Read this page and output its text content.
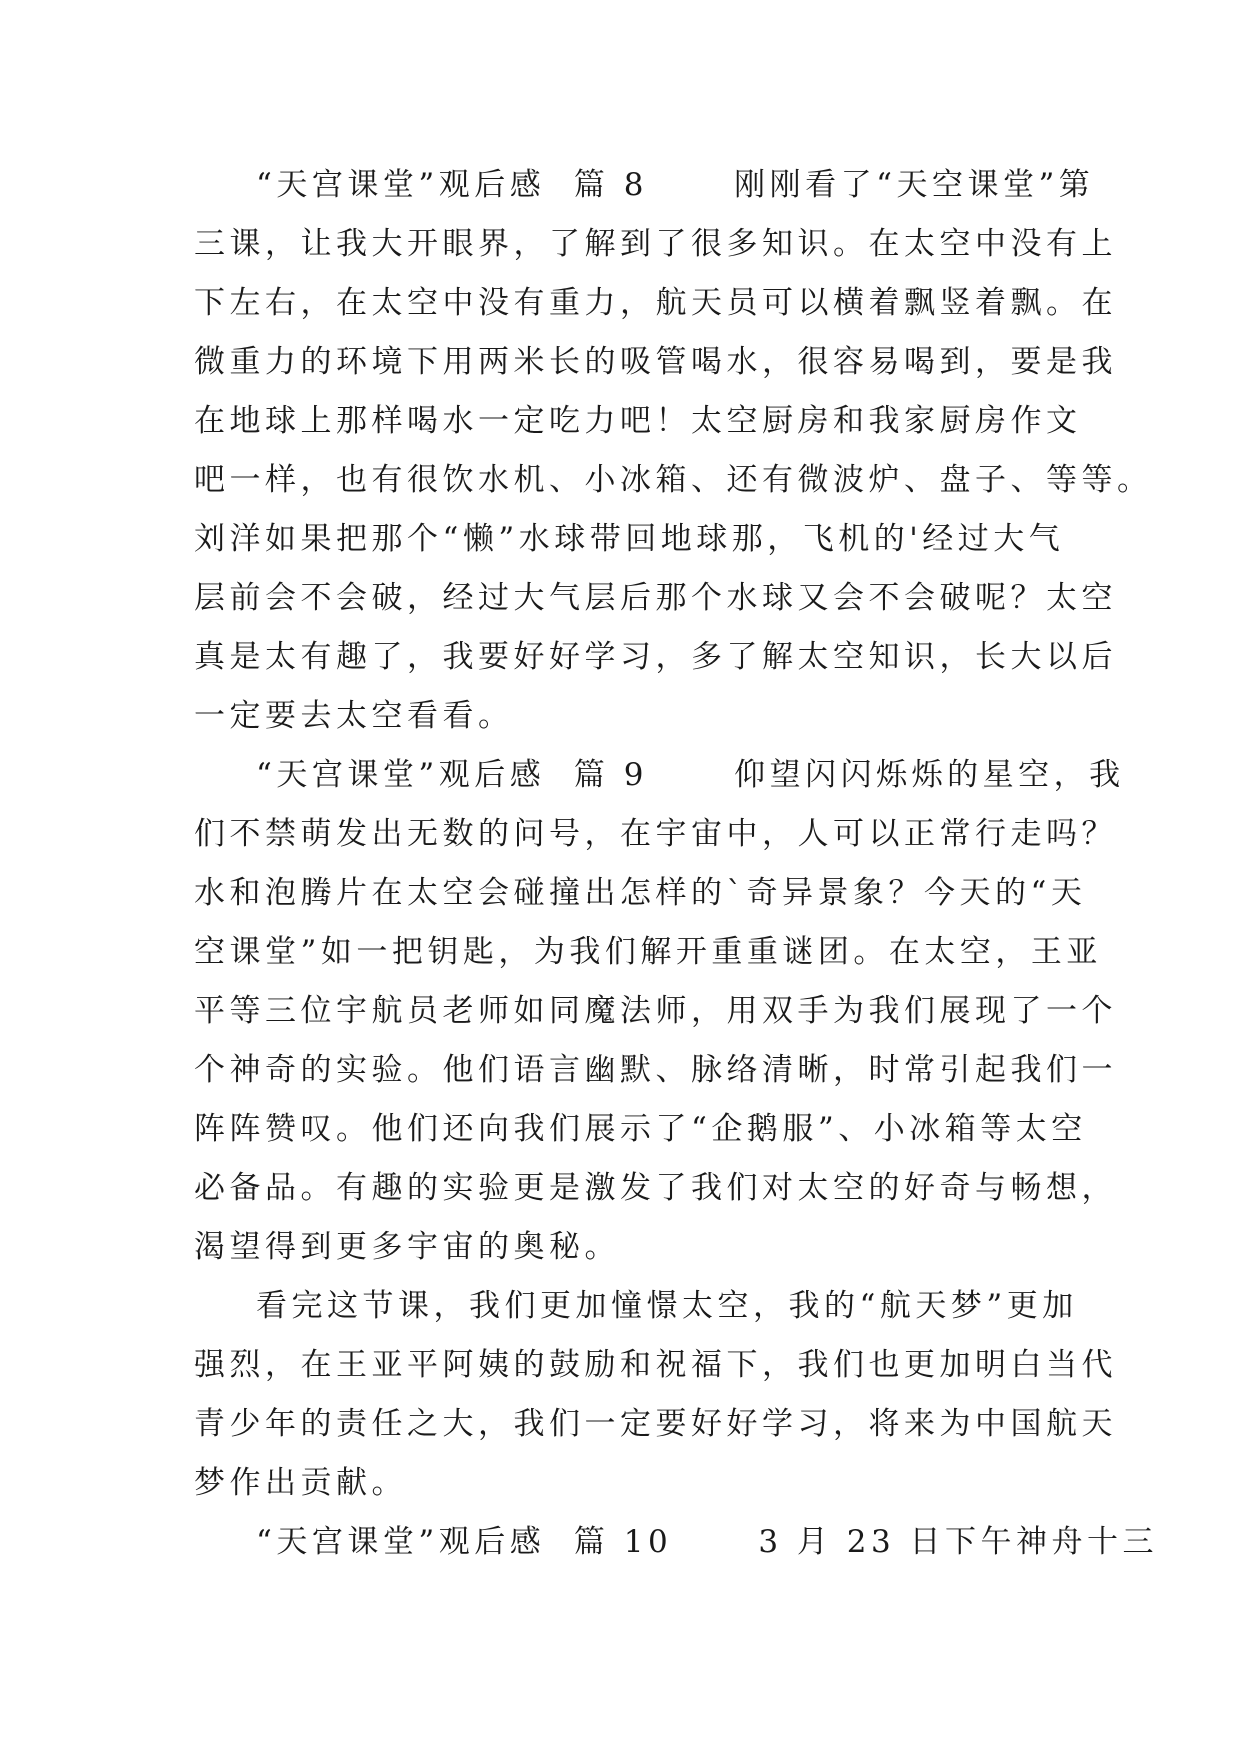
“天宫课堂”观后感  篇 8      刚刚看了“天空课堂”第
三课，让我大开眼界，了解到了很多知识。在太空中没有上
下左右，在太空中没有重力，航天员可以横着飘竖着飘。在
微重力的环境下用两米长的吸管喝水，很容易喝到，要是我
在地球上那样喝水一定吃力吧！太空厨房和我家厨房作文
吧一样，也有很饮水机、小冰箱、还有微波炉、盘子、等等。
刘洋如果把那个“懒”水球带回地球那，飞机的'经过大气
层前会不会破，经过大气层后那个水球又会不会破呢？太空
真是太有趣了，我要好好学习，多了解太空知识，长大以后
一定要去太空看看。
“天宫课堂”观后感  篇 9      仰望闪闪烁烁的星空，我
们不禁萌发出无数的问号，在宇宙中，人可以正常行走吗？
水和泡腾片在太空会碰撞出怎样的`奇异景象？今天的“天
空课堂”如一把钥匙，为我们解开重重谜团。在太空，王亚
平等三位宇航员老师如同魔法师，用双手为我们展现了一个
个神奇的实验。他们语言幽默、脉络清晰，时常引起我们一
阵阵赞叹。他们还向我们展示了“企鹅服”、小冰箱等太空
必备品。有趣的实验更是激发了我们对太空的好奇与畅想，
渴望得到更多宇宙的奥秘。
看完这节课，我们更加憧憬太空，我的“航天梦”更加
强烈，在王亚平阿姨的鼓励和祝福下，我们也更加明白当代
青少年的责任之大，我们一定要好好学习，将来为中国航天
梦作出贡献。
“天宫课堂”观后感  篇 10      3 月 23 日下午神舟十三
